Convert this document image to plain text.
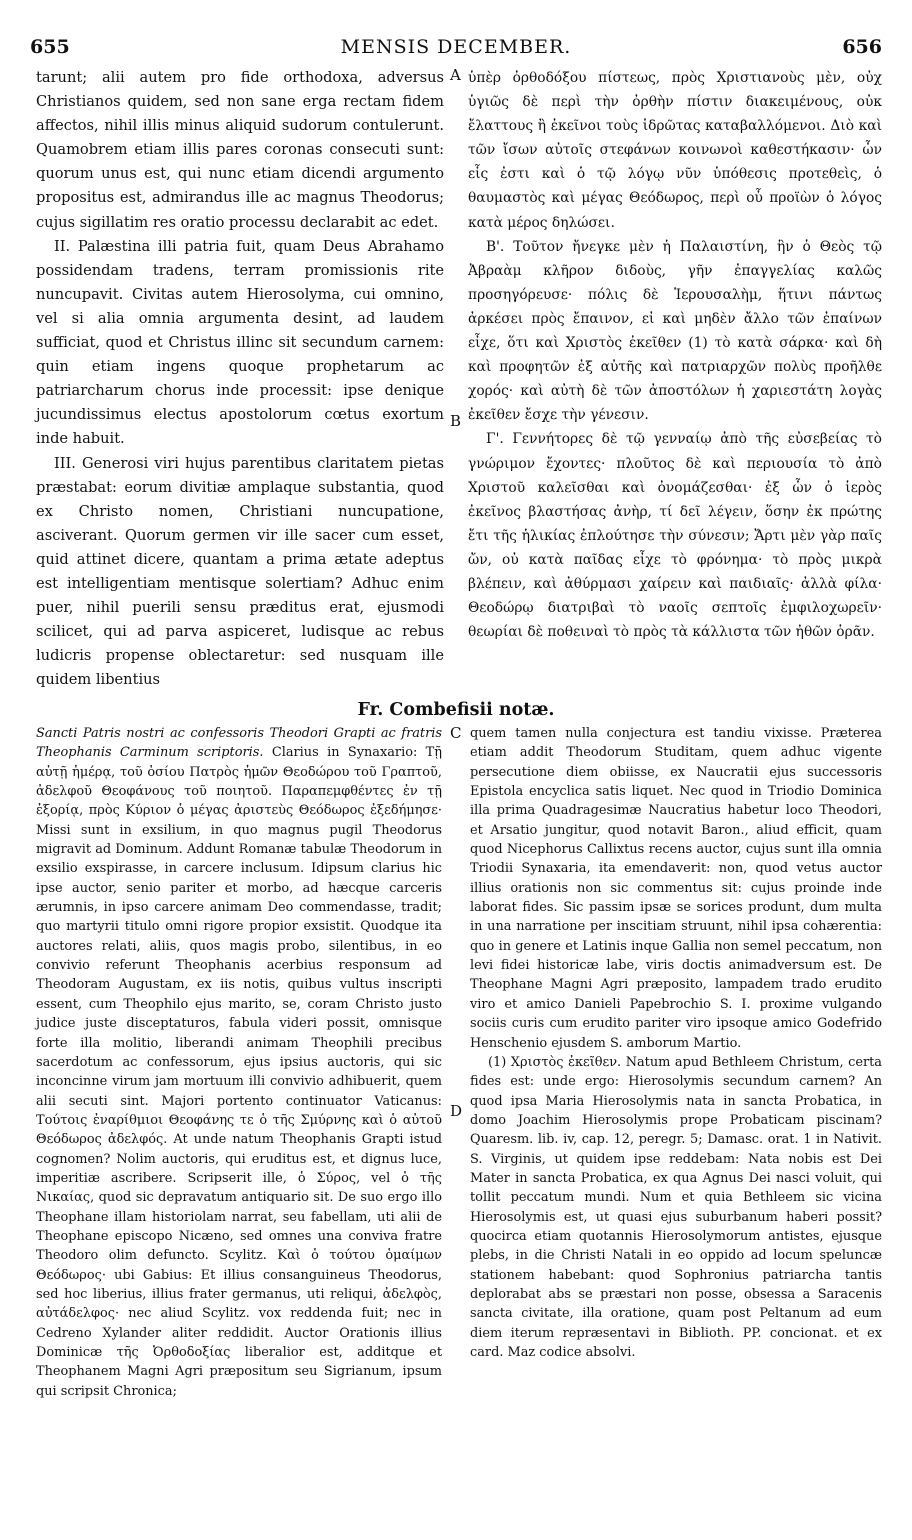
655	MENSIS DECEMBER.	656

tarunt; alii autem pro fide orthodoxa, adversus Christianos quidem, sed non sane erga rectam fidem affectos, nihil illis minus aliquid sudorum contulerunt. Quamobrem etiam illis pares coronas consecuti sunt: quorum unus est, qui nunc etiam dicendi argumento propositus est, admirandus ille ac magnus Theodorus; cujus sigillatim res oratio processu declarabit ac edet.

II. Palæstina illi patria fuit, quam Deus Abrahamo possidendam tradens, terram promissionis rite nuncupavit. Civitas autem Hierosolyma, cui omnino, vel si alia omnia argumenta desint, ad laudem sufficiat, quod et Christus illinc sit secundum carnem: quin etiam ingens quoque prophetarum ac patriarcharum chorus inde processit: ipse denique jucundissimus electus apostolorum cœtus exortum inde habuit.

III. Generosi viri hujus parentibus claritatem pietas præstabat: eorum divitiæ amplaque substantia, quod ex Christo nomen, Christiani nuncupatione, asciverant. Quorum germen vir ille sacer cum esset, quid attinet dicere, quantam a prima ætate adeptus est intelligentiam mentisque solertiam? Adhuc enim puer, nihil puerili sensu præditus erat, ejusmodi scilicet, qui ad parva aspiceret, ludisque ac rebus ludicris propense oblectaretur: sed nusquam ille quidem libentius

ὑπὲρ ὀρθοδόξου πίστεως, πρὸς Χριστιανοὺς μὲν, οὐχ ὑγιῶς δὲ περὶ τὴν ὀρθὴν πίστιν διακειμένους, οὐκ ἔλαττους ἢ ἐκεῖνοι τοὺς ἱδρῶτας καταβαλλόμενοι. Διὸ καὶ τῶν ἴσων αὐτοῖς στεφάνων κοινωνοὶ καθεστήκασιν· ὧν εἷς ἐστι καὶ ὁ τῷ λόγῳ νῦν ὑπόθεσις προτεθεὶς, ὁ θαυμαστὸς καὶ μέγας Θεόδωρος, περὶ οὗ προϊὼν ὁ λόγος κατὰ μέρος δηλώσει.

Β'. Τοῦτον ἤνεγκε μὲν ἡ Παλαιστίνη, ἣν ὁ Θεὸς τῷ Ἀβραὰμ κλῆρον διδοὺς, γῆν ἐπαγγελίας καλῶς προσηγόρευσε· πόλις δὲ Ἱερουσαλὴμ, ἥτινι πάντως ἀρκέσει πρὸς ἔπαινον, εἰ καὶ μηδὲν ἄλλο τῶν ἐπαίνων εἶχε, ὅτι καὶ Χριστὸς ἐκεῖθεν (1) τὸ κατὰ σάρκα· καὶ δὴ καὶ προφητῶν ἐξ αὐτῆς καὶ πατριαρχῶν πολὺς προῆλθε χορός· καὶ αὐτὴ δὲ τῶν ἀποστόλων ἡ χαριεστάτη λογὰς ἐκεῖθεν ἔσχε τὴν γένεσιν.

Γ'. Γεννήτορες δὲ τῷ γενναίῳ ἀπὸ τῆς εὐσεβείας τὸ γνώριμον ἔχοντες· πλοῦτος δὲ καὶ περιουσία τὸ ἀπὸ Χριστοῦ καλεῖσθαι καὶ ὀνομάζεσθαι· ἐξ ὧν ὁ ἱερὸς ἐκεῖνος βλαστήσας ἀνὴρ, τί δεῖ λέγειν, ὅσην ἐκ πρώτης ἔτι τῆς ἡλικίας ἐπλούτησε τὴν σύνεσιν; Ἄρτι μὲν γὰρ παῖς ὤν, οὐ κατὰ παῖδας εἶχε τὸ φρόνημα· τὸ πρὸς μικρὰ βλέπειν, καὶ ἀθύρμασι χαίρειν καὶ παιδιαῖς· ἀλλὰ φίλα· Θεοδώρῳ διατριβαὶ τὸ ναοῖς σεπτοῖς ἐμφιλοχωρεῖν· θεωρίαι δὲ ποθειναὶ τὸ πρὸς τὰ κάλλιστα τῶν ἠθῶν ὁρᾶν.

A
B
C
D
Fr. Combefisii notæ.

Sancti Patris nostri ac confessoris Theodori Grapti ac fratris Theophanis Carminum scriptoris. Clarius in Synaxario: Τῇ αὐτῇ ἡμέρᾳ, τοῦ ὁσίου Πατρὸς ἡμῶν Θεοδώρου τοῦ Γραπτοῦ, ἀδελφοῦ Θεοφάνους τοῦ ποιητοῦ. Παραπεμφθέντες ἐν τῇ ἐξορίᾳ, πρὸς Κύριον ὁ μέγας ἀριστεὺς Θεόδωρος ἐξεδήμησε· Missi sunt in exsilium, in quo magnus pugil Theodorus migravit ad Dominum. Addunt Romanæ tabulæ Theodorum in exsilio exspirasse, in carcere inclusum. Idipsum clarius hic ipse auctor, senio pariter et morbo, ad hæcque carceris ærumnis, in ipso carcere animam Deo commendasse, tradit; quo martyrii titulo omni rigore propior exsistit. Quodque ita auctores relati, aliis, quos magis probo, silentibus, in eo convivio referunt Theophanis acerbius responsum ad Theodoram Augustam, ex iis notis, quibus vultus inscripti essent, cum Theophilo ejus marito, se, coram Christo justo judice juste disceptaturos, fabula videri possit, omnisque forte illa molitio, liberandi animam Theophili precibus sacerdotum ac confessorum, ejus ipsius auctoris, qui sic inconcinne virum jam mortuum illi convivio adhibuerit, quem alii secuti sint. Majori portento continuator Vaticanus: Τούτοις ἐναρίθμιοι Θεοφάνης τε ὁ τῆς Σμύρνης καὶ ὁ αὐτοῦ Θεόδωρος ἀδελφός. At unde natum Theophanis Grapti istud cognomen? Nolim auctoris, qui eruditus est, et dignus luce, imperitiæ ascribere. Scripserit ille, ὁ Σύρος, vel ὁ τῆς Νικαίας, quod sic depravatum antiquario sit. De suo ergo illo Theophane illam historiolam narrat, seu fabellam, uti alii de Theophane episcopo Nicæno, sed omnes una conviva fratre Theodoro olim defuncto. Scylitz. Καὶ ὁ τούτου ὁμαίμων Θεόδωρος· ubi Gabius: Et illius consanguineus Theodorus, sed hoc liberius, illius frater germanus, uti reliqui, ἀδελφὸς, αὐτάδελφος· nec aliud Scylitz. vox reddenda fuit; nec in Cedreno Xylander aliter reddidit. Auctor Orationis illius Dominicæ τῆς Ὀρθοδοξίας liberalior est, additque et Theophanem Magni Agri præpositum seu Sigrianum, ipsum qui scripsit Chronica;

quem tamen nulla conjectura est tandiu vixisse. Præterea etiam addit Theodorum Studitam, quem adhuc vigente persecutione diem obiisse, ex Naucratii ejus successoris Epistola encyclica satis liquet. Nec quod in Triodio Dominica illa prima Quadragesimæ Naucratius habetur loco Theodori, et Arsatio jungitur, quod notavit Baron., aliud efficit, quam quod Nicephorus Callixtus recens auctor, cujus sunt illa omnia Triodii Synaxaria, ita emendaverit: non, quod vetus auctor illius orationis non sic commentus sit: cujus proinde inde laborat fides. Sic passim ipsæ se sorices produnt, dum multa in una narratione per inscitiam struunt, nihil ipsa cohærentia: quo in genere et Latinis inque Gallia non semel peccatum, non levi fidei historicæ labe, viris doctis animadversum est. De Theophane Magni Agri præposito, lampadem trado erudito viro et amico Danieli Papebrochio S. I. proxime vulgando sociis curis cum erudito pariter viro ipsoque amico Godefrido Henschenio ejusdem S. amborum Martio.

(1) Χριστὸς ἐκεῖθεν. Natum apud Bethleem Christum, certa fides est: unde ergo: Hierosolymis secundum carnem? An quod ipsa Maria Hierosolymis nata in sancta Probatica, in domo Joachim Hierosolymis prope Probaticam piscinam? Quaresm. lib. iv, cap. 12, peregr. 5; Damasc. orat. 1 in Nativit. S. Virginis, ut quidem ipse reddebam: Nata nobis est Dei Mater in sancta Probatica, ex qua Agnus Dei nasci voluit, qui tollit peccatum mundi. Num et quia Bethleem sic vicina Hierosolymis est, ut quasi ejus suburbanum haberi possit? quocirca etiam quotannis Hierosolymorum antistes, ejusque plebs, in die Christi Natali in eo oppido ad locum speluncæ stationem habebant: quod Sophronius patriarcha tantis deplorabat abs se præstari non posse, obsessa a Saracenis sancta civitate, illa oratione, quam post Peltanum ad eum diem iterum repræsentavi in Biblioth. PP. concionat. et ex card. Maz codice absolvi.
